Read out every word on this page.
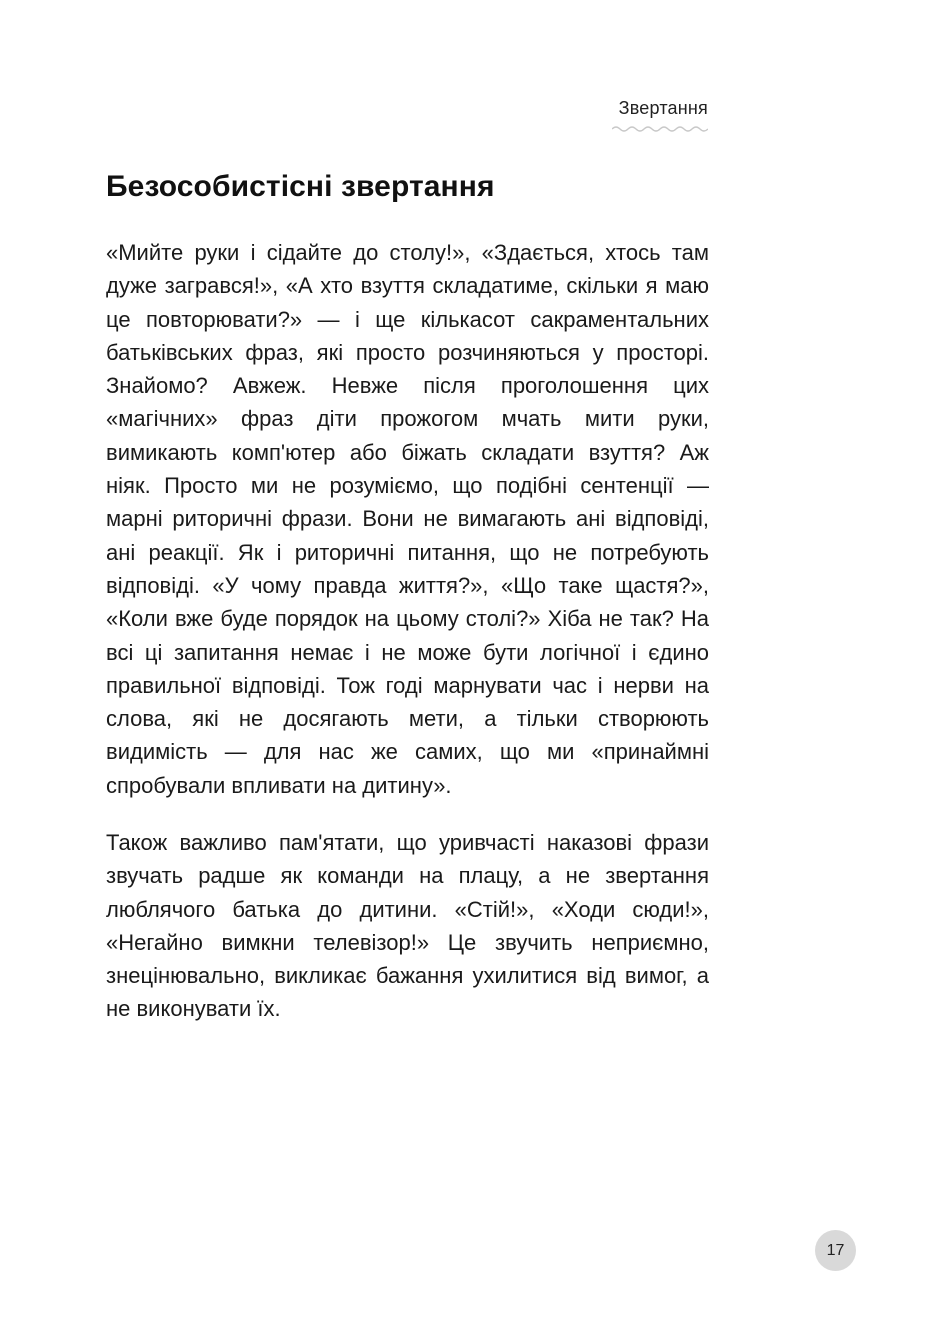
Звертання
Безособистісні звертання

«Мийте руки і сідайте до столу!», «Здається, хтось там дуже загрався!», «А хто взуття складатиме, скільки я маю це повторювати?» — і ще кількасот сакраментальних батьківських фраз, які просто розчиняються у просторі. Знайомо? Авжеж. Невже після проголошення цих «магічних» фраз діти прожогом мчать мити руки, вимикають комп'ютер або біжать складати взуття? Аж ніяк. Просто ми не розуміємо, що подібні сентенції — марні риторичні фрази. Вони не вимагають ані відповіді, ані реакції. Як і риторичні питання, що не потребують відповіді. «У чому правда життя?», «Що таке щастя?», «Коли вже буде порядок на цьому столі?» Хіба не так? На всі ці запитання немає і не може бути логічної і єдино правильної відповіді. Тож годі марнувати час і нерви на слова, які не досягають мети, а тільки створюють видимість — для нас же самих, що ми «принаймні спробували впливати на дитину».

Також важливо пам'ятати, що уривчасті наказові фрази звучать радше як команди на плацу, а не звертання люблячого батька до дитини. «Стій!», «Ходи сюди!», «Негайно вимкни телевізор!» Це звучить неприємно, знецінювально, викликає бажання ухилитися від вимог, а не виконувати їх.

17
